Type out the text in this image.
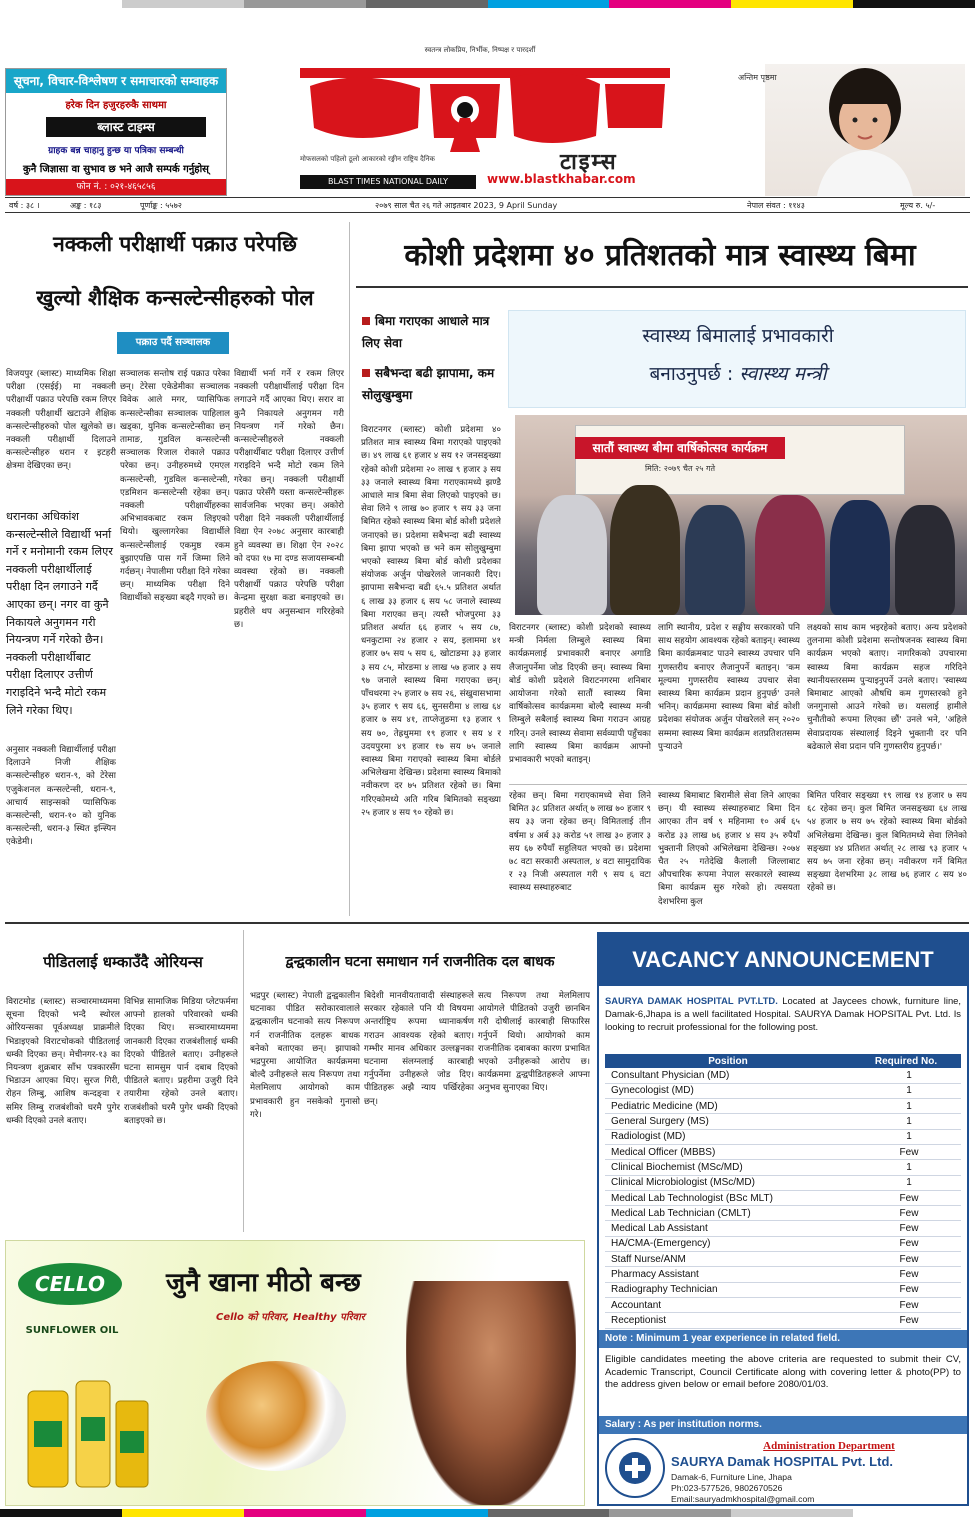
सूचना, विचार-विश्लेषण र समाचारको सम्वाहक
हरेक दिन हजुरहरुकै साथमा
ब्लास्ट टाइम्स
ग्राहक बन्न चाहानु हुन्छ या पत्रिका सम्बन्धी
कुनै जिज्ञासा वा सुभाव छ भने आजै सम्पर्क गर्नुहोस्
फोन नं. : ०२१-४६५८५६
स्वतन्त्र लोकप्रिय, निर्भीक, निष्पक्ष र पारदर्शी
टाइम्स
मोफसलको पहिलो ठूलो आकारको रङ्गीन राष्ट्रिय दैनिक
BLAST TIMES NATIONAL DAILY	www.blastkhabar.com
अन्तिम पृष्ठमा
वर्ष : ३८ ।	अङ्क : १८३	पूर्णाङ्क : ५५७२	२०७९ साल चैत २६ गते आइतबार 2023, 9 April Sunday	नेपाल संवत : ११४३	मूल्य रु. ५/-
नक्कली परीक्षार्थी पक्राउ परेपछि
खुल्यो शैक्षिक कन्सल्टेन्सीहरुको पोल
पक्राउ पर्दै सञ्चालक
विजयपुर (ब्लास्ट) माध्यमिक शिक्षा परीक्षा (एसईई) मा नक्कली परीक्षार्थी पक्राउ परेपछि रकम लिएर नक्कली परीक्षार्थी खटाउने शैक्षिक कन्सल्टेन्सीहरुको पोल खुलेको छ। नक्कली परीक्षार्थी दिलाउने कन्सल्टेन्सीहरु धरान र इटहरी क्षेत्रमा देखिएका छन्।
धरानका अधिकांश कन्सल्टेन्सीले विद्यार्थी भर्ना गर्ने र मनोमानी रकम लिएर नक्कली परीक्षार्थीलाई परीक्षा दिन लगाउने गर्दै आएका छन्। नगर वा कुनै निकायले अनुगमन गरी नियन्त्रण गर्ने गरेको छैन। नक्कली परीक्षार्थीबाट परीक्षा दिलाएर उत्तीर्ण गराइदिने भन्दै मोटो रकम लिने गरेका थिए।
अनुसार नक्कली विद्यार्थीलाई परीक्षा दिलाउने निजी शैक्षिक कन्सल्टेन्सीहरु धरान-९, को टेरेसा एजुकेशनल कन्सल्टेन्सी, धरान-९, आचार्य साइन्सको प्यासिफिक कन्सल्टेन्सी, धरान-१० को युनिक कन्सल्टेन्सी, धरान-३ स्थित इन्स्पिन एकेडेमी।
सञ्चालक सन्तोष राई पक्राउ परेका छन्। टेरेसा एकेडेमीका सञ्चालक विवेक आले मगर, प्यासिफिक कन्सल्टेन्सीका सञ्चालक पाहिलाल खड्का, युनिक कन्सल्टेन्सीका छन् तामाङ, गुडविल कन्सल्टेन्सी सञ्चालक रिजाल रोकाले पक्राउ परेका छन्। उनीहरुमध्ये एमएल कन्सल्टेन्सी, गुडविल कन्सल्टेन्सी, एडमिशन कन्सल्टेन्सी रहेका छन्। नक्कली परीक्षार्थीहरुका अभिभावकबाट रकम लिइएको थियो। खुल्लागरेका विद्यार्थीले कन्सल्टेन्सीलाई एकमुष्ठ रकम बुझाएपछि पास गर्ने जिम्मा लिने गर्दछन्। नेपालीमा परीक्षा दिने गरेका छन्। माध्यमिक परीक्षा दिने विद्यार्थीको सङ्ख्या बढ्दै गएको छ।
विद्यार्थी भर्ना गर्ने र रकम लिएर नक्कली परीक्षार्थीलाई परीक्षा दिन लगाउने गर्दै आएका थिए। सरार वा कुनै निकायले अनुगमन गरी नियन्त्रण गर्ने गरेको छैन। कन्सल्टेन्सीहरुले नक्कली परीक्षार्थीबाट परीक्षा दिलाएर उत्तीर्ण गराइदिने भन्दै मोटो रकम लिने गरेका छन्। नक्कली परीक्षार्थी पक्राउ परेसँगै यस्ता कन्सल्टेन्सीहरू सार्वजनिक भएका छन्। अकोरो परीक्षा दिने नक्कली परीक्षार्थीलाई विद्या ऐन २०७८ अनुसार कारबाही हुने व्यवस्था छ। शिक्षा ऐन २०२८ को दफा १७ मा दण्ड सजायसम्बन्धी व्यवस्था रहेको छ। नक्कली परीक्षार्थी पक्राउ परेपछि परीक्षा केन्द्रमा सुरक्षा कडा बनाइएको छ। प्रहरीले थप अनुसन्धान गरिरहेको छ।
कोशी प्रदेशमा ४० प्रतिशतको मात्र स्वास्थ्य बिमा
बिमा गराएका आधाले मात्र लिए सेवा
सबैभन्दा बढी झापामा, कम सोलुखुम्बुमा
स्वास्थ्य बिमालाई प्रभावकारी
बनाउनुपर्छ : स्वास्थ्य मन्त्री
सातौं स्वास्थ्य बीमा वार्षिकोत्सव कार्यक्रम
मिति: २०७९ चैत २५ गते
विराटनगर (ब्लास्ट) कोशी प्रदेशमा ४० प्रतिशत मात्र स्वास्थ्य बिमा गराएको पाइएको छ। ४९ लाख ६१ हजार ४ सय १२ जनसङ्ख्या रहेको कोशी प्रदेशमा २० लाख ९ हजार ३ सय ३३ जनाले स्वास्थ्य बिमा गराएकामध्ये झण्डै आधाले मात्र बिमा सेवा लिएको पाइएको छ। सेवा लिने ९ लाख ७० हजार ९ सय ३३ जना बिमित रहेको स्वास्थ्य बिमा बोर्ड कोशी प्रदेशले जनाएको छ। प्रदेशमा सबैभन्दा बढी स्वास्थ्य बिमा झापा भएको छ भने कम सोलुखुम्बुमा भएको स्वास्थ्य बिमा बोर्ड कोशी प्रदेशका संयोजक अर्जुन पोखरेलले जानकारी दिए। झापामा सबैभन्दा बढी ६५.५ प्रतिशत अर्थात ६ लाख ३३ हजार ६ सय ५८ जनाले स्वास्थ्य बिमा गराएका छन्। त्यस्तै भोजपुरमा ३३ प्रतिशत अर्थात ६६ हजार ५ सय ८७, धनकुटामा २४ हजार २ सय, इलाममा ४१ हजार ७५ सय ५ सय ६, खोटाङमा ३३ हजार ३ सय ८५, मोरङमा ४ लाख ५७ हजार ३ सय ९७ जनाले स्वास्थ्य बिमा गराएका छन्। पाँचथरमा २५ हजार ७ सय २६, संखुवासभामा ३५ हजार ९ सय ६६, सुनसरीमा ४ लाख ६४ हजार ७ सय ४१, ताप्लेजुङमा १३ हजार ९ सय ७०, तेह्रथुममा १९ हजार १ सय ४ र उदयपुरमा ४९ हजार १७ सय ७५ जनाले स्वास्थ्य बिमा गराएको स्वास्थ्य बिमा बोर्डले अभिलेखमा देखिन्छ। प्रदेशमा स्वास्थ्य बिमाको नवीकरण दर ७५ प्रतिशत रहेको छ। बिमा गरिएकोमध्ये अति गरिब बिमितको सङ्ख्या २५ हजार ४ सय ९० रहेको छ।
विराटनगर (ब्लास्ट) कोशी प्रदेशको स्वास्थ्य मन्त्री निर्मला लिम्बुले स्वास्थ्य बिमा कार्यक्रमलाई प्रभावकारी बनाएर अगाडि लैजानुपर्नेमा जोड दिएकी छन्। स्वास्थ्य बिमा बोर्ड कोशी प्रदेशले विराटनगरमा शनिबार आयोजना गरेको सातौं स्वास्थ्य बिमा वार्षिकोत्सव कार्यक्रममा बोल्दै स्वास्थ्य मन्त्री लिम्बुले सबैलाई स्वास्थ्य बिमा गराउन आग्रह गरिन्। उनले स्वास्थ्य सेवामा सर्वव्यापी पहुँचका लागि स्वास्थ्य बिमा कार्यक्रम आफ्नो प्रभावकारी भएको बताइन्।
लागि स्थानीय, प्रदेश र सङ्घीय सरकारको पनि साथ सहयोग आवश्यक रहेको बताइन्। स्वास्थ्य बिमा कार्यक्रमबाट पाउने स्वास्थ्य उपचार पनि गुणस्तरीय बनाएर लैजानुपर्ने बताइन्। 'कम मूल्यमा गुणस्तरीय स्वास्थ्य उपचार सेवा स्वास्थ्य बिमा कार्यक्रम प्रदान हुनुपर्छ' उनले भनिन्। कार्यक्रममा स्वास्थ्य बिमा बोर्ड कोशी प्रदेशका संयोजक अर्जुन पोखरेलले सन् २०२० सम्ममा स्वास्थ्य बिमा कार्यक्रम शतप्रतिशतसम्म पुऱ्याउने
लक्ष्यको साथ काम भइरहेको बताए। अन्य प्रदेशको तुलनामा कोशी प्रदेशमा सन्तोषजनक स्वास्थ्य बिमा कार्यक्रम भएको बताए। नागरिकको उपचारमा स्वास्थ्य बिमा कार्यक्रम सहज गरिदिने स्थानीयस्तरसम्म पुऱ्याइनुपर्ने उनले बताए। 'स्वास्थ्य बिमाबाट आएको औषधि कम गुणस्तरको हुने जनगुनासो आउने गरेको छ। यसलाई हामीले चुनौतीको रूपमा लिएका छौं' उनले भने, 'अहिले सेवाप्रदायक संस्थालाई दिइने भुक्तानी दर पनि बढेकाले सेवा प्रदान पनि गुणस्तरीय हुनुपर्छ।'
रहेका छन्। बिमा गराएकामध्ये सेवा लिने बिमित ३८ प्रतिशत अर्थात् ७ लाख ७० हजार ९ सय ३३ जना रहेका छन्। विमितलाई तीन वर्षमा ४ अर्ब ३३ करोड ५१ लाख ३० हजार ३ सय ६७ रुपैयाँ सहुलियत भएको छ। प्रदेशमा ७८ वटा सरकारी अस्पताल, ४ वटा सामुदायिक र २३ निजी अस्पताल गरी ९ सय ६ वटा स्वास्थ्य सस्थाहरुबाट
स्वास्थ्य बिमाबाट बिरामीले सेवा लिने आएका छन्। यी स्वास्थ्य संस्थाहरुबाट बिमा दिन आएका तीन वर्ष ९ महिनामा १० अर्ब ६५ करोड ३३ लाख ७६ हजार ४ सय ३५ रुपैयाँ भुक्तानी लिएको अभिलेखमा देखिन्छ। २०७४ चैत २५ गतेदेखि कैलाली जिल्लाबाट औपचारिक रूपमा नेपाल सरकारले स्वास्थ्य बिमा कार्यक्रम सुरु गरेको हो। त्यसयता देशभरिमा कुल
बिमित परिवार सङ्ख्या १९ लाख १४ हजार ७ सय ६८ रहेका छन्। कुल बिमित जनसङ्ख्या ६४ लाख ५४ हजार ७ सय ७५ रहेको स्वास्थ्य बिमा बोर्डको अभिलेखमा देखिन्छ। कुल बिमितमध्ये सेवा लिनेको सङ्ख्या ४४ प्रतिशत अर्थात् २८ लाख ९३ हजार ५ सय ७५ जना रहेका छन्। नवीकरण गर्ने बिमित सङ्ख्या देशभरिमा ३८ लाख ७६ हजार ८ सय ४० रहेको छ।
पीडितलाई धम्काउँदै ओरियन्स
विराटमोड (ब्लास्ट) सञ्चारमाध्यममा सूचना दिएको भन्दै स्थोरल ओरियन्सका पूर्वअध्यक्ष प्राक्रमीले भिडाइएको विराटचोकको पीडितलाई धम्की दिएका छन्। मेचीनगर-१३ का नियन्त्रण शुक्रबार साँभ पत्रकारसँग भिडाउन आएका थिए। सुरज गिरी, रोहन लिम्बु, आशिष कन्दङ्वा र समिर लिम्बु राजबंशीको घरमै पुगेर धम्की दिएको उनले बताए।
विभिन्न सामाजिक मिडिया प्लेटफर्ममा आफ्नो हालको परिवारको धम्की दिएका थिए। सञ्चारमाध्यममा जानकारी दिएका राजबंशीलाई धम्की दिएको पीडितले बताए। उनीहरूले घटना सामसुम पार्न दबाब दिएको पीडितले बताए। प्रहरीमा उजुरी दिने तयारीमा रहेको उनले बताए। राजबंशीको घरमै पुगेर धम्की दिएको बताइएको छ।
द्वन्द्वकालीन घटना समाधान गर्न राजनीतिक दल बाधक
भद्रपुर (ब्लास्ट) नेपाली द्वन्द्वकालीन घटनाका पीडित सरोकारवालाले द्वन्द्वकालीन घटनाको सत्य निरूपण गर्न राजनीतिक दलहरू बाधक बनेको बताएका छन्। झापाको भद्रपुरमा आयोजित कार्यक्रममा बोल्दै उनीहरूले सत्य निरूपण तथा मेलमिलाप आयोगको काम प्रभावकारी हुन नसकेको गुनासो गरे।
बिदेशी मानवीयतावादी संस्थाहरूले सरकार रहेकाले पनि यी विषयमा अन्तर्राष्ट्रिय रूपमा ध्यानाकर्षण गराउन आवश्यक रहेको बताए। गम्भीर मानव अधिकार उल्लङ्घनका घटनामा संलग्नलाई कारबाही गर्नुपर्नेमा उनीहरूले जोड दिए। पीडितहरू अझै न्याय पर्खिरहेका छन्।
सत्य निरूपण तथा मेलमिलाप आयोगले पीडितको उजुरी छानबिन गरी दोषीलाई कारबाही सिफारिस गर्नुपर्ने थियो। आयोगको काम राजनीतिक दबाबका कारण प्रभावित भएको उनीहरूको आरोप छ। कार्यक्रममा द्वन्द्वपीडितहरूले आफ्ना अनुभव सुनाएका थिए।
VACANCY ANNOUNCEMENT
SAURYA DAMAK HOSPITAL PVT.LTD. Located at Jaycees chowk, furniture line, Damak-6,Jhapa is a well facilitated Hospital. SAURYA Damak HOPSITAL Pvt. Ltd. Is looking to recruit professional for the following post.
Position	Required No.
Consultant Physician (MD)	1
Gynecologist (MD)	1
Pediatric Medicine (MD)	1
General Surgery (MS)	1
Radiologist (MD)	1
Medical Officer (MBBS)	Few
Clinical Biochemist (MSc/MD)	1
Clinical Microbiologist (MSc/MD)	1
Medical Lab Technologist (BSc MLT)	Few
Medical Lab Technician (CMLT)	Few
Medical Lab Assistant	Few
HA/CMA-(Emergency)	Few
Staff Nurse/ANM	Few
Pharmacy Assistant	Few
Radiography Technician	Few
Accountant	Few
Receptionist	Few
Note : Minimum 1 year experience in related field.
Eligible candidates meeting the above criteria are requested to submit their CV, Academic Transcript, Council Certificate along with covering letter & photo(PP) to the address given below or email before 2080/01/03.
Salary : As per institution norms.
Administration Department
SAURYA Damak HOSPITAL Pvt. Ltd.
Damak-6, Furniture Line, Jhapa
Ph:023-577526, 9802670526
Email:sauryadmkhospital@gmail.com
CELLO
SUNFLOWER OIL
जुनै खाना मीठो बन्छ
Cello को परिवार, Healthy परिवार
